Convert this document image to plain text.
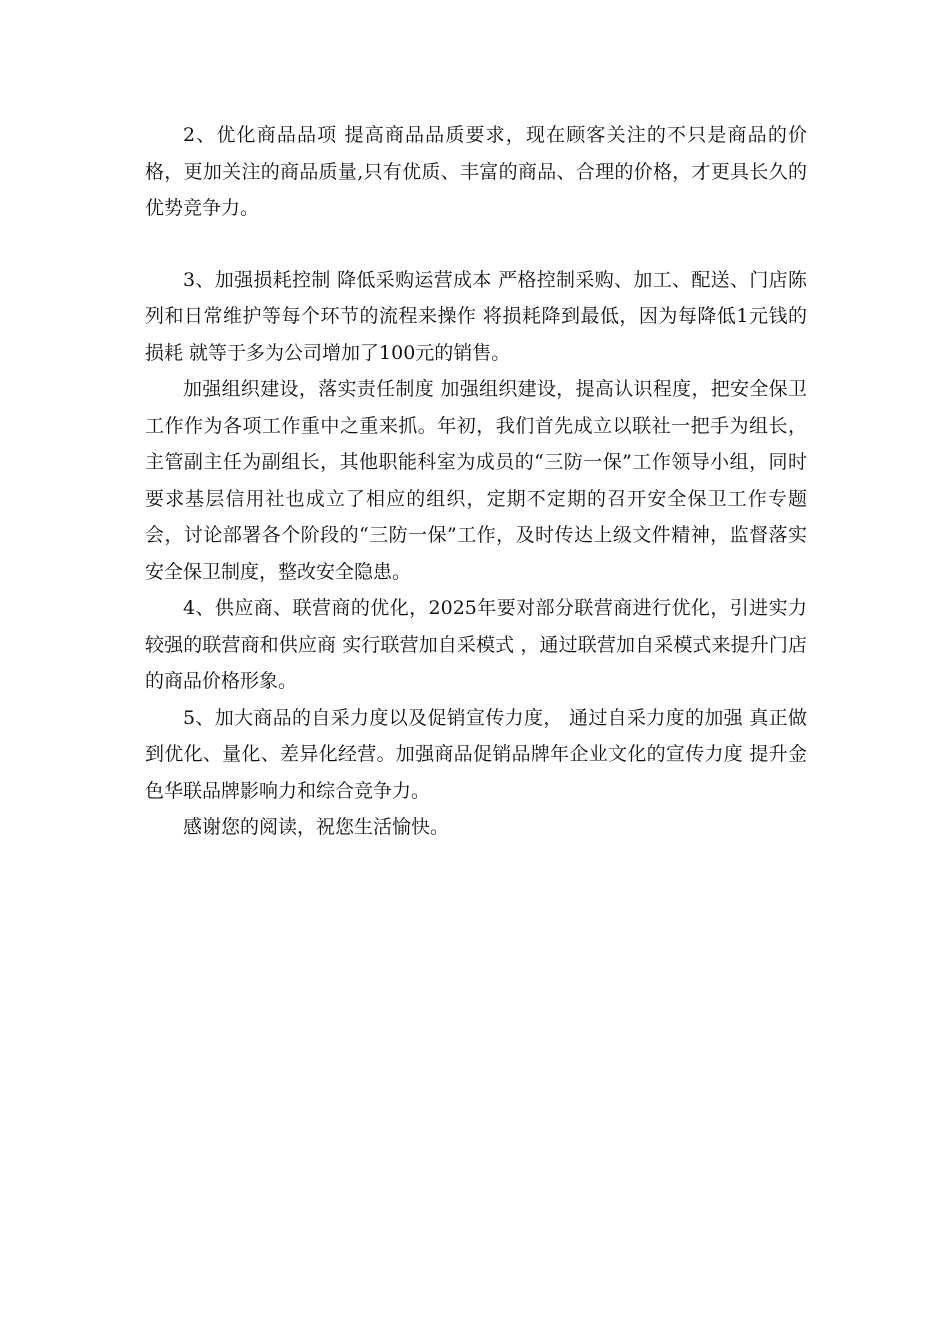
2、优化商品品项 提高商品品质要求，现在顾客关注的不只是商品的价格，更加关注的商品质量,只有优质、丰富的商品、合理的价格，才更具长久的优势竞争力。

3、加强损耗控制 降低采购运营成本 严格控制采购、加工、配送、门店陈列和日常维护等每个环节的流程来操作 将损耗降到最低，因为每降低1元钱的损耗 就等于多为公司增加了100元的销售。

加强组织建设，落实责任制度 加强组织建设，提高认识程度，把安全保卫工作作为各项工作重中之重来抓。年初，我们首先成立以联社一把手为组长，主管副主任为副组长，其他职能科室为成员的“三防一保”工作领导小组，同时要求基层信用社也成立了相应的组织，定期不定期的召开安全保卫工作专题会，讨论部署各个阶段的“三防一保”工作，及时传达上级文件精神，监督落实安全保卫制度，整改安全隐患。

4、供应商、联营商的优化，2025年要对部分联营商进行优化，引进实力较强的联营商和供应商 实行联营加自采模式 ，通过联营加自采模式来提升门店的商品价格形象。

5、加大商品的自采力度以及促销宣传力度， 通过自采力度的加强 真正做到优化、量化、差异化经营。加强商品促销品牌年企业文化的宣传力度 提升金色华联品牌影响力和综合竞争力。

感谢您的阅读，祝您生活愉快。
